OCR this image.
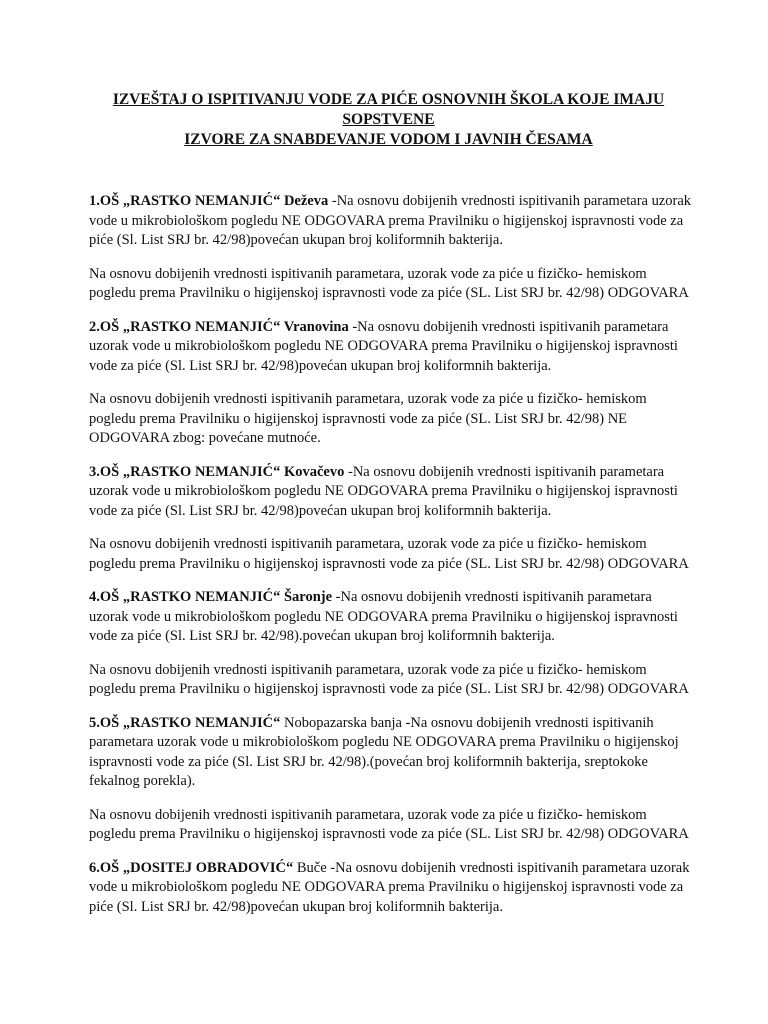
IZVEŠTAJ O ISPITIVANJU VODE ZA PIĆE OSNOVNIH ŠKOLA KOJE IMAJU SOPSTVENE
IZVORE ZA SNABDEVANJE VODOM I JAVNIH ČESAMA

1.OŠ „RASTKO NEMANJIĆ“ Deževa -Na osnovu dobijenih vrednosti ispitivanih parametara uzorak vode u mikrobiološkom pogledu NE ODGOVARA prema Pravilniku o higijenskoj ispravnosti vode za piće (Sl. List SRJ br. 42/98)povećan ukupan broj koliformnih bakterija.

Na osnovu dobijenih vrednosti ispitivanih parametara, uzorak vode za piće u fizičko- hemiskom pogledu prema Pravilniku o higijenskoj ispravnosti vode za piće (SL. List SRJ br. 42/98) ODGOVARA

2.OŠ „RASTKO NEMANJIĆ“ Vranovina -Na osnovu dobijenih vrednosti ispitivanih parametara uzorak vode u mikrobiološkom pogledu NE ODGOVARA prema Pravilniku o higijenskoj ispravnosti vode za piće (Sl. List SRJ br. 42/98)povećan ukupan broj koliformnih bakterija.

Na osnovu dobijenih vrednosti ispitivanih parametara, uzorak vode za piće u fizičko- hemiskom pogledu prema Pravilniku o higijenskoj ispravnosti vode za piće (SL. List SRJ br. 42/98) NE ODGOVARA zbog: povećane mutnoće.

3.OŠ „RASTKO NEMANJIĆ“ Kovačevo -Na osnovu dobijenih vrednosti ispitivanih parametara uzorak vode u mikrobiološkom pogledu NE ODGOVARA prema Pravilniku o higijenskoj ispravnosti vode za piće (Sl. List SRJ br. 42/98)povećan ukupan broj koliformnih bakterija.

Na osnovu dobijenih vrednosti ispitivanih parametara, uzorak vode za piće u fizičko- hemiskom pogledu prema Pravilniku o higijenskoj ispravnosti vode za piće (SL. List SRJ br. 42/98) ODGOVARA

4.OŠ „RASTKO NEMANJIĆ“ Šaronje -Na osnovu dobijenih vrednosti ispitivanih parametara uzorak vode u mikrobiološkom pogledu NE ODGOVARA prema Pravilniku o higijenskoj ispravnosti vode za piće (Sl. List SRJ br. 42/98).povećan ukupan broj koliformnih bakterija.

Na osnovu dobijenih vrednosti ispitivanih parametara, uzorak vode za piće u fizičko- hemiskom pogledu prema Pravilniku o higijenskoj ispravnosti vode za piće (SL. List SRJ br. 42/98) ODGOVARA

5.OŠ „RASTKO NEMANJIĆ“ Nobopazarska banja -Na osnovu dobijenih vrednosti ispitivanih parametara uzorak vode u mikrobiološkom pogledu NE ODGOVARA prema Pravilniku o higijenskoj ispravnosti vode za piće (Sl. List SRJ br. 42/98).(povećan broj koliformnih bakterija, sreptokoke fekalnog porekla).

Na osnovu dobijenih vrednosti ispitivanih parametara, uzorak vode za piće u fizičko- hemiskom pogledu prema Pravilniku o higijenskoj ispravnosti vode za piće (SL. List SRJ br. 42/98) ODGOVARA

6.OŠ „DOSITEJ OBRADOVIĆ“ Buče -Na osnovu dobijenih vrednosti ispitivanih parametara uzorak vode u mikrobiološkom pogledu NE ODGOVARA prema Pravilniku o higijenskoj ispravnosti vode za piće (Sl. List SRJ br. 42/98)povećan ukupan broj koliformnih bakterija.
